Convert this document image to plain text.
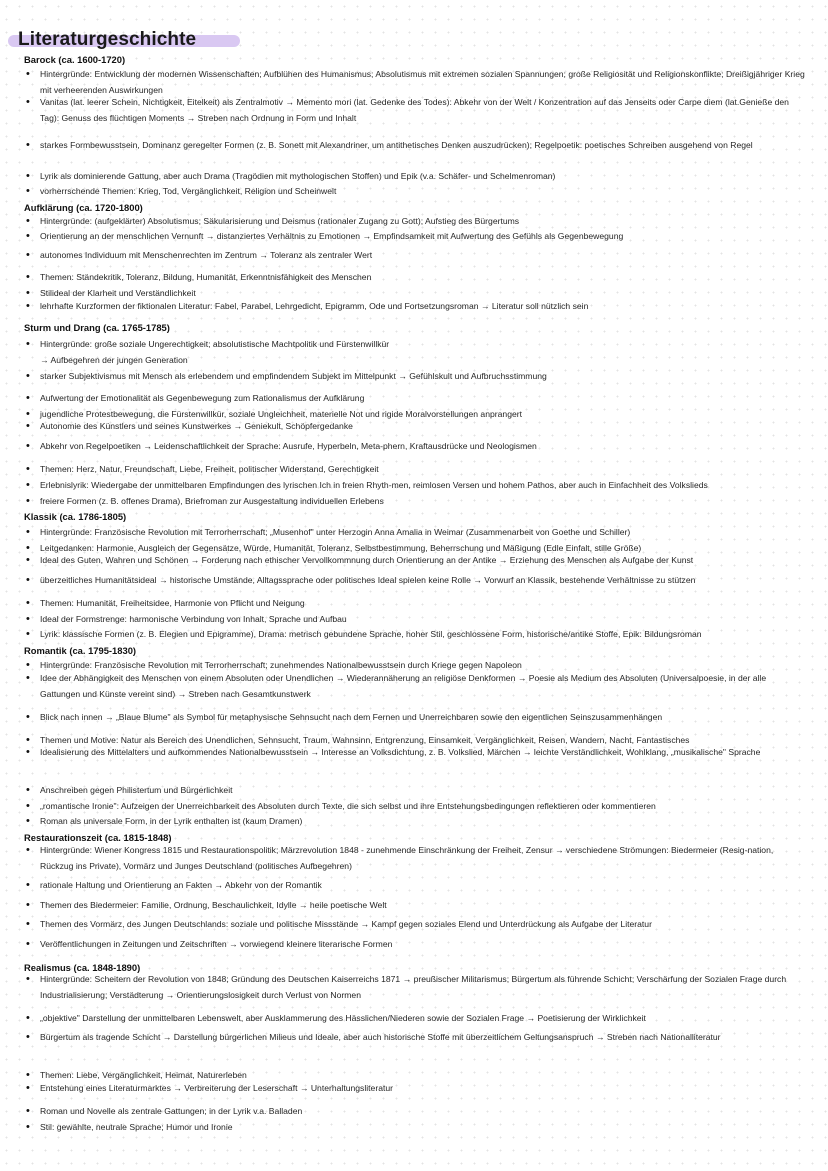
Literaturgeschichte
Barock (ca. 1600-1720)
• Hintergründe: Entwicklung der modernen Wissenschaften; Aufblühen des Humanismus; Absolutismus mit extremen sozialen Spannungen; große Religiosität und Religionskonflikte; Dreißigjähriger Krieg mit verheerenden Auswirkungen
• Vanitas (lat. leerer Schein, Nichtigkeit, Eitelkeit) als Zentralmotiv → Memento mori (lat. Gedenke des Todes): Abkehr von der Welt / Konzentration auf das Jenseits oder Carpe diem (lat.Genieße den Tag): Genuss des flüchtigen Moments → Streben nach Ordnung in Form und Inhalt
• starkes Formbewusstsein, Dominanz geregelter Formen (z. B. Sonett mit Alexandriner, um antithetisches Denken auszudrücken); Regelpoetik: poetisches Schreiben ausgehend von Regel
• Lyrik als dominierende Gattung, aber auch Drama (Tragödien mit mythologischen Stoffen) und Epik (v.a. Schäfer- und Schelmenroman)
• vorherrschende Themen: Krieg, Tod, Vergänglichkeit, Religion und Scheinwelt
Aufklärung (ca. 1720-1800)
• Hintergründe: (aufgeklärter) Absolutismus; Säkularisierung und Deismus (rationaler Zugang zu Gott); Aufstieg des Bürgertums
• Orientierung an der menschlichen Vernunft → distanziertes Verhältnis zu Emotionen → Empfindsamkeit mit Aufwertung des Gefühls als Gegenbewegung
• autonomes Individuum mit Menschenrechten im Zentrum → Toleranz als zentraler Wert
• Themen: Ständekritik, Toleranz, Bildung, Humanität, Erkenntnisfähigkeit des Menschen
• Stilideal der Klarheit und Verständlichkeit
• lehrhafte Kurzformen der fiktionalen Literatur: Fabel, Parabel, Lehrgedicht, Epigramm, Ode und Fortsetzungsroman → Literatur soll nützlich sein
Sturm und Drang (ca. 1765-1785)
• Hintergründe: große soziale Ungerechtigkeit; absolutistische Machtpolitik und Fürstenwillkür
→ Aufbegehren der jungen Generation
• starker Subjektivismus mit Mensch als erlebendem und empfindendem Subjekt im Mittelpunkt → Gefühlskult und Aufbruchsstimmung
• Aufwertung der Emotionalität als Gegenbewegung zum Rationalismus der Aufklärung
• jugendliche Protestbewegung, die Fürstenwillkür, soziale Ungleichheit, materielle Not und rigide Moralvorstellungen anprangert
• Autonomie des Künstlers und seines Kunstwerkes → Geniekult, Schöpfergedanke
• Abkehr von Regelpoetiken → Leidenschaftlichkeit der Sprache: Ausrufe, Hyperbeln, Meta-phern, Kraftausdrücke und Neologismen
• Themen: Herz, Natur, Freundschaft, Liebe, Freiheit, politischer Widerstand, Gerechtigkeit
• Erlebnislyrik: Wiedergabe der unmittelbaren Empfindungen des lyrischen Ich in freien Rhyth-men, reimlosen Versen und hohem Pathos, aber auch in Einfachheit des Volkslieds
• freiere Formen (z. B. offenes Drama), Briefroman zur Ausgestaltung individuellen Erlebens
Klassik (ca. 1786-1805)
• Hintergründe: Französische Revolution mit Terrorherrschaft; „Musenhof" unter Herzogin Anna Amalia in Weimar (Zusammenarbeit von Goethe und Schiller)
• Leitgedanken: Harmonie, Ausgleich der Gegensätze, Würde, Humanität, Toleranz, Selbstbestimmung, Beherrschung und Mäßigung (Edle Einfalt, stille Größe)
• Ideal des Guten, Wahren und Schönen → Forderung nach ethischer Vervollkommnung durch Orientierung an der Antike → Erziehung des Menschen als Aufgabe der Kunst
• überzeitliches Humanitätsideal → historische Umstände, Alltagssprache oder politisches Ideal spielen keine Rolle → Vorwurf an Klassik, bestehende Verhältnisse zu stützen
• Themen: Humanität, Freiheitsidee, Harmonie von Pflicht und Neigung
• Ideal der Formstrenge: harmonische Verbindung von Inhalt, Sprache und Aufbau
• Lyrik: klassische Formen (z. B. Elegien und Epigramme), Drama: metrisch gebundene Sprache, hoher Stil, geschlossene Form, historische/antike Stoffe, Epik: Bildungsroman
Romantik (ca. 1795-1830)
• Hintergründe: Französische Revolution mit Terrorherrschaft; zunehmendes Nationalbewusstsein durch Kriege gegen Napoleon
• Idee der Abhängigkeit des Menschen von einem Absoluten oder Unendlichen → Wiederannäherung an religiöse Denkformen → Poesie als Medium des Absoluten (Universalpoesie, in der alle Gattungen und Künste vereint sind) → Streben nach Gesamtkunstwerk
• Blick nach innen → „Blaue Blume" als Symbol für metaphysische Sehnsucht nach dem Fernen und Unerreichbaren sowie den eigentlichen Seinszusammenhängen
• Themen und Motive: Natur als Bereich des Unendlichen, Sehnsucht, Traum, Wahnsinn, Entgrenzung, Einsamkeit, Vergänglichkeit, Reisen, Wandern, Nacht, Fantastisches
• Idealisierung des Mittelalters und aufkommendes Nationalbewusstsein → Interesse an Volksdichtung, z. B. Volkslied, Märchen → leichte Verständlichkeit, Wohlklang, „musikalische" Sprache
• Anschreiben gegen Philistertum und Bürgerlichkeit
• „romantische Ironie": Aufzeigen der Unerreichbarkeit des Absoluten durch Texte, die sich selbst und ihre Entstehungsbedingungen reflektieren oder kommentieren
• Roman als universale Form, in der Lyrik enthalten ist (kaum Dramen)
Restaurationszeit (ca. 1815-1848)
• Hintergründe: Wiener Kongress 1815 und Restaurationspolitik; Märzrevolution 1848 - zunehmende Einschränkung der Freiheit, Zensur → verschiedene Strömungen: Biedermeier (Resig-nation, Rückzug ins Private), Vormärz und Junges Deutschland (politisches Aufbegehren)
• rationale Haltung und Orientierung an Fakten → Abkehr von der Romantik
• Themen des Biedermeier: Familie, Ordnung, Beschaulichkeit, Idylle → heile poetische Welt
• Themen des Vormärz, des Jungen Deutschlands: soziale und politische Missstände → Kampf gegen soziales Elend und Unterdrückung als Aufgabe der Literatur
• Veröffentlichungen in Zeitungen und Zeitschriften → vorwiegend kleinere literarische Formen
Realismus (ca. 1848-1890)
• Hintergründe: Scheitern der Revolution von 1848; Gründung des Deutschen Kaiserreichs 1871 → preußischer Militarismus; Bürgertum als führende Schicht; Verschärfung der Sozialen Frage durch Industrialisierung; Verstädterung → Orientierungslosigkeit durch Verlust von Normen
• „objektive" Darstellung der unmittelbaren Lebenswelt, aber Ausklammerung des Hässlichen/Niederen sowie der Sozialen Frage → Poetisierung der Wirklichkeit
• Bürgertum als tragende Schicht → Darstellung bürgerlichen Milieus und Ideale, aber auch historische Stoffe mit überzeitlichem Geltungsanspruch → Streben nach Nationalliteratur
• Themen: Liebe, Vergänglichkeit, Heimat, Naturerleben
• Entstehung eines Literaturmarktes → Verbreiterung der Leserschaft → Unterhaltungsliteratur
• Roman und Novelle als zentrale Gattungen; in der Lyrik v.a. Balladen
• Stil: gewählte, neutrale Sprache; Humor und Ironie
